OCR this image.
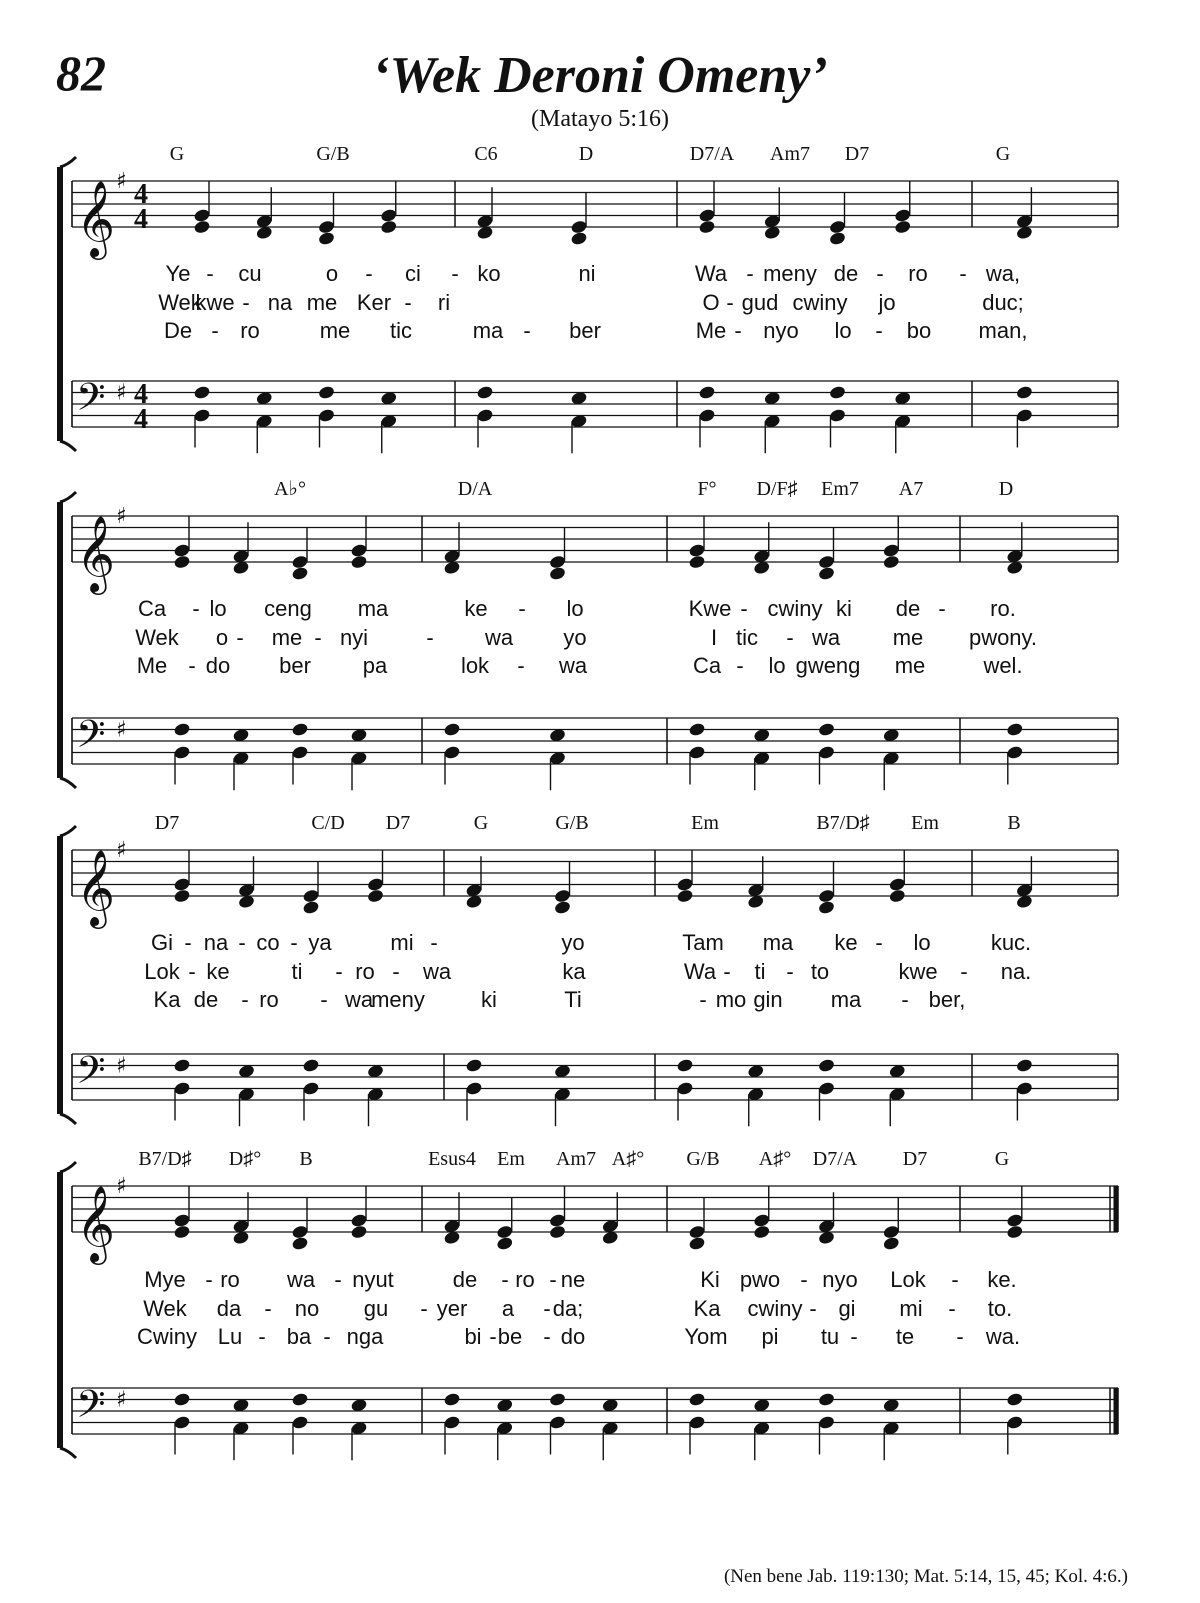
82	‘Wek Deroni Omeny’
(Matayo 5:16)
𝄞 ♯ 4
4
𝄢 ♯ 4
4
G	G/B	C6	D	D7/A Am7 D7	G
Ye - cu	o - ci - ko	ni	Wa - meny de - ro - wa,
Wek
kwe - na me Ker - ri	O - gud cwiny jo	duc;
De - ro	me tic	ma - ber	Me - nyo lo - bo man,
𝄞 ♯
𝄢 ♯
A♭°	D/A	F° D/F♯ Em7 A7	D
Ca - lo ceng ma	ke - lo	Kwe - cwiny ki de - ro.
Wek o - me - nyi	- wa yo	I tic - wa me pwony.
Me - do ber pa	lok - wa	Ca - lo gweng me	wel.
𝄞 ♯
𝄢 ♯
D7	C/D D7	G	G/B	Em	B7/D♯ Em	B
Gi - na - co - ya	mi -	yo	Tam ma ke - lo	kuc.
Lok - ke	ti - ro - wa	ka	Wa - ti - to	kwe - na.
Ka de - ro - wa
meny	ki	Ti	- mo gin ma - ber,
𝄞 ♯
𝄢 ♯
B7/D♯ D♯° B	Esus4 Em Am7 A♯° G/B A♯° D7/A D7	G
Mye - ro wa - nyut	de - ro - ne	Ki pwo - nyo Lok - ke.
Wek da - no gu - yer a - da;	Ka cwiny - gi mi - to.
Cwiny Lu - ba - nga	bi - be - do	Yom pi tu - te - wa.
(Nen bene Jab. 119:130; Mat. 5:14, 15, 45; Kol. 4:6.)
